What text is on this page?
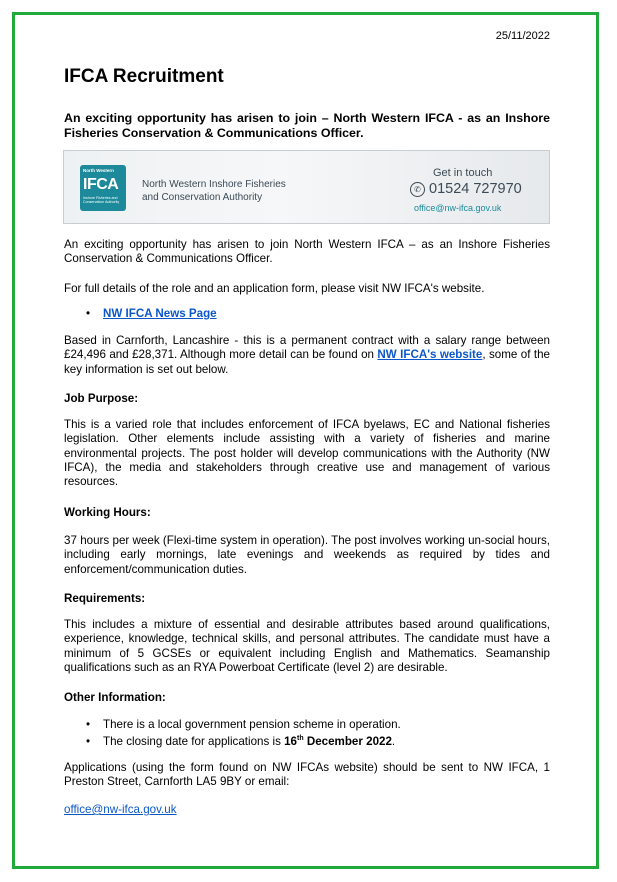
25/11/2022
IFCA Recruitment

An exciting opportunity has arisen to join – North Western IFCA - as an Inshore Fisheries Conservation & Communications Officer.

North Western
IFCA
Inshore Fisheries and Conservation Authority
North Western Inshore Fisheries
and Conservation Authority
Get in touch
✆ 01524 727970
office@nw-ifca.gov.uk

An exciting opportunity has arisen to join North Western IFCA – as an Inshore Fisheries Conservation & Communications Officer.

For full details of the role and an application form, please visit NW IFCA's website.

• NW IFCA News Page

Based in Carnforth, Lancashire - this is a permanent contract with a salary range between £24,496 and £28,371. Although more detail can be found on NW IFCA's website, some of the key information is set out below.

Job Purpose:

This is a varied role that includes enforcement of IFCA byelaws, EC and National fisheries legislation. Other elements include assisting with a variety of fisheries and marine environmental projects. The post holder will develop communications with the Authority (NW IFCA), the media and stakeholders through creative use and management of various resources.

Working Hours:

37 hours per week (Flexi-time system in operation). The post involves working un-social hours, including early mornings, late evenings and weekends as required by tides and enforcement/communication duties.

Requirements:

This includes a mixture of essential and desirable attributes based around qualifications, experience, knowledge, technical skills, and personal attributes. The candidate must have a minimum of 5 GCSEs or equivalent including English and Mathematics. Seamanship qualifications such as an RYA Powerboat Certificate (level 2) are desirable.

Other Information:

• There is a local government pension scheme in operation.
• The closing date for applications is 16th December 2022.

Applications (using the form found on NW IFCAs website) should be sent to NW IFCA, 1 Preston Street, Carnforth LA5 9BY or email:

office@nw-ifca.gov.uk
